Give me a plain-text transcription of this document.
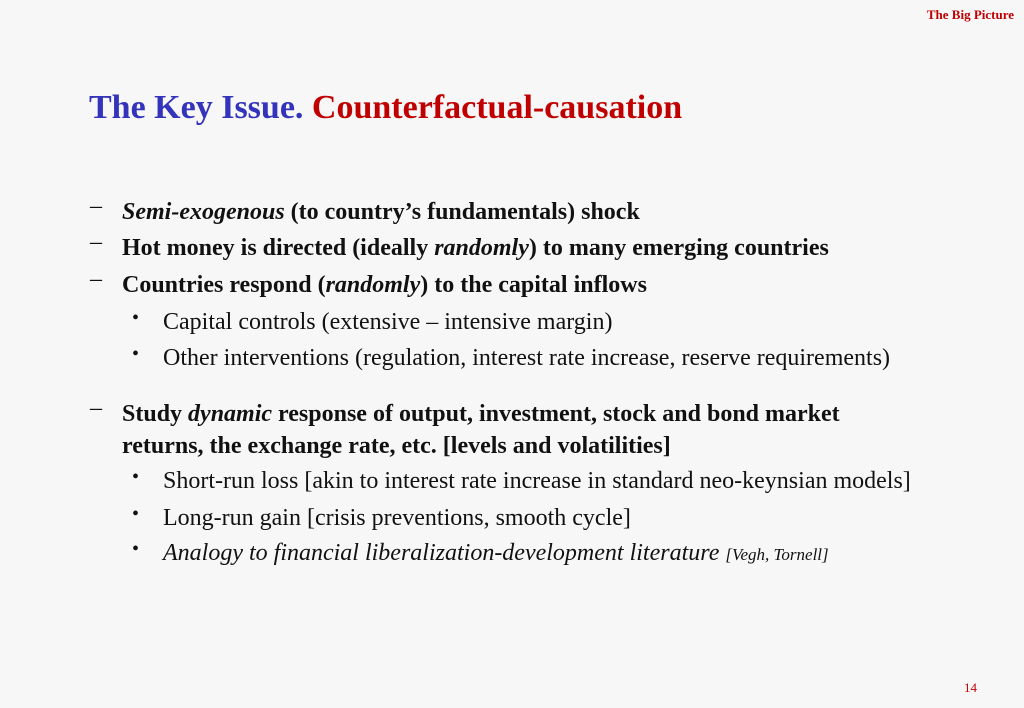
The Big Picture
The Key Issue. Counterfactual-causation
– Semi-exogenous (to country’s fundamentals) shock
– Hot money is directed (ideally randomly) to many emerging countries
– Countries respond (randomly) to the capital inflows
• Capital controls (extensive – intensive margin)
• Other interventions (regulation, interest rate increase, reserve requirements)
– Study dynamic response of output, investment, stock and bond market
returns, the exchange rate, etc. [levels and volatilities]
• Short-run loss [akin to interest rate increase in standard neo-keynsian models]
• Long-run gain [crisis preventions, smooth cycle]
• Analogy to financial liberalization-development literature [Vegh, Tornell]
14
